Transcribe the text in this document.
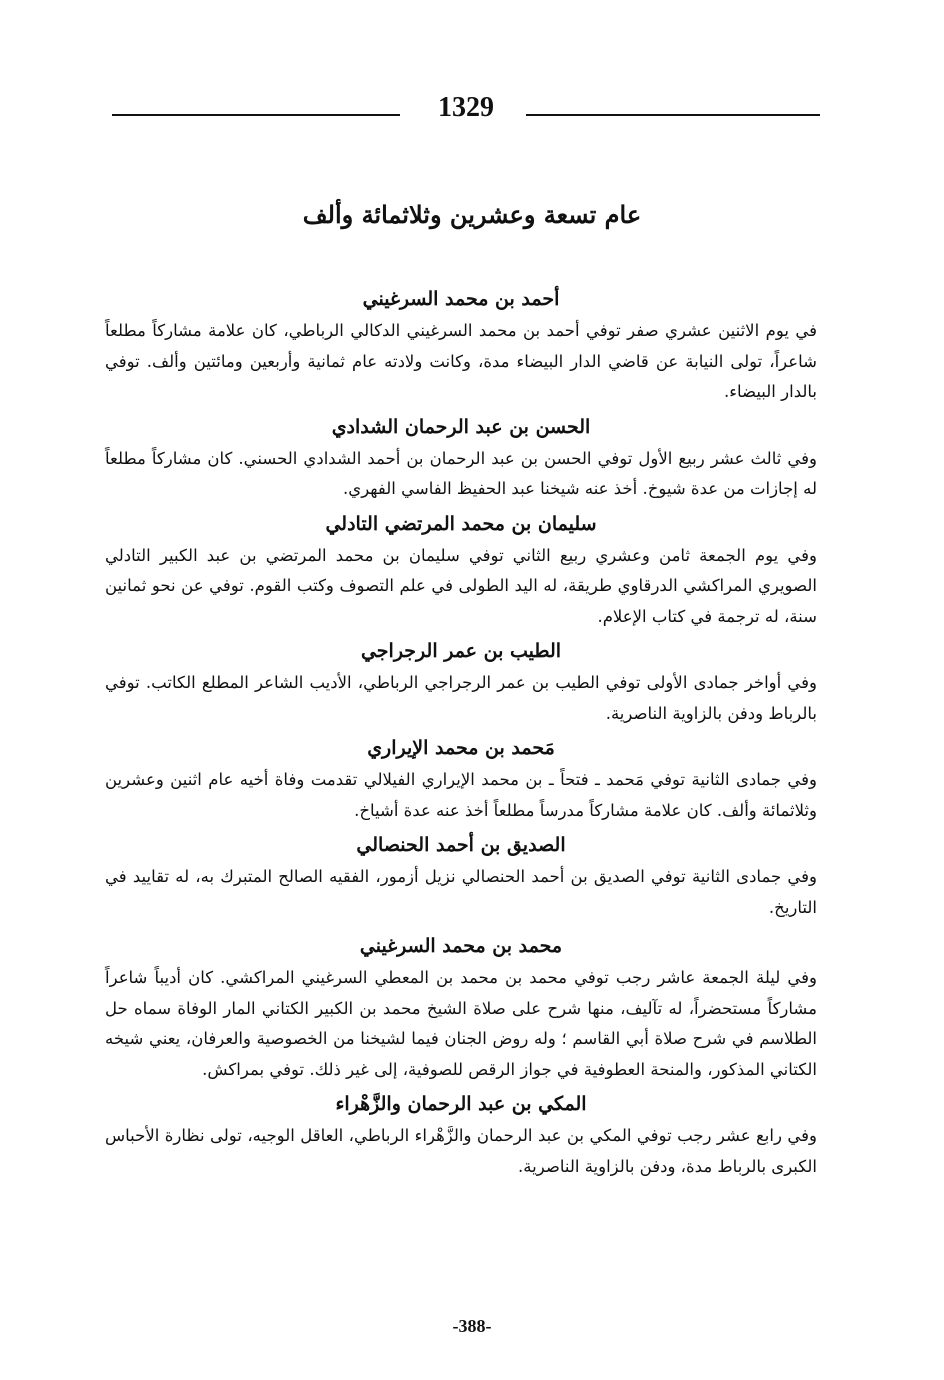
1329
عام تسعة وعشرين وثلاثمائة وألف

أحمد بن محمد السرغيني

في يوم الاثنين عشري صفر توفي أحمد بن محمد السرغيني الدكالي الرباطي، كان علامة مشاركاً مطلعاً شاعراً، تولى النيابة عن قاضي الدار البيضاء مدة، وكانت ولادته عام ثمانية وأربعين ومائتين وألف. توفي بالدار البيضاء.

الحسن بن عبد الرحمان الشدادي

وفي ثالث عشر ربيع الأول توفي الحسن بن عبد الرحمان بن أحمد الشدادي الحسني. كان مشاركاً مطلعاً له إجازات من عدة شيوخ. أخذ عنه شيخنا عبد الحفيظ الفاسي الفهري.

سليمان بن محمد المرتضي التادلي

وفي يوم الجمعة ثامن وعشري ربيع الثاني توفي سليمان بن محمد المرتضي بن عبد الكبير التادلي الصويري المراكشي الدرقاوي طريقة، له اليد الطولى في علم التصوف وكتب القوم. توفي عن نحو ثمانين سنة، له ترجمة في كتاب الإعلام.

الطيب بن عمر الرجراجي

وفي أواخر جمادى الأولى توفي الطيب بن عمر الرجراجي الرباطي، الأديب الشاعر المطلع الكاتب. توفي بالرباط ودفن بالزاوية الناصرية.

مَحمد بن محمد الإيراري

وفي جمادى الثانية توفي مَحمد ـ فتحاً ـ بن محمد الإيراري الفيلالي تقدمت وفاة أخيه عام اثنين وعشرين وثلاثمائة وألف. كان علامة مشاركاً مدرساً مطلعاً أخذ عنه عدة أشياخ.

الصديق بن أحمد الحنصالي

وفي جمادى الثانية توفي الصديق بن أحمد الحنصالي نزيل أزمور، الفقيه الصالح المتبرك به، له تقاييد في التاريخ.

محمد بن محمد السرغيني

وفي ليلة الجمعة عاشر رجب توفي محمد بن محمد بن المعطي السرغيني المراكشي. كان أديباً شاعراً مشاركاً مستحضراً، له تآليف، منها شرح على صلاة الشيخ محمد بن الكبير الكتاني المار الوفاة سماه حل الطلاسم في شرح صلاة أبي القاسم ؛ وله روض الجنان فيما لشيخنا من الخصوصية والعرفان، يعني شيخه الكتاني المذكور، والمنحة العطوفية في جواز الرقص للصوفية، إلى غير ذلك. توفي بمراكش.

المكي بن عبد الرحمان والزَّهْراء

وفي رابع عشر رجب توفي المكي بن عبد الرحمان والزَّهْراء الرباطي، العاقل الوجيه، تولى نظارة الأحباس الكبرى بالرباط مدة، ودفن بالزاوية الناصرية.

-388-
